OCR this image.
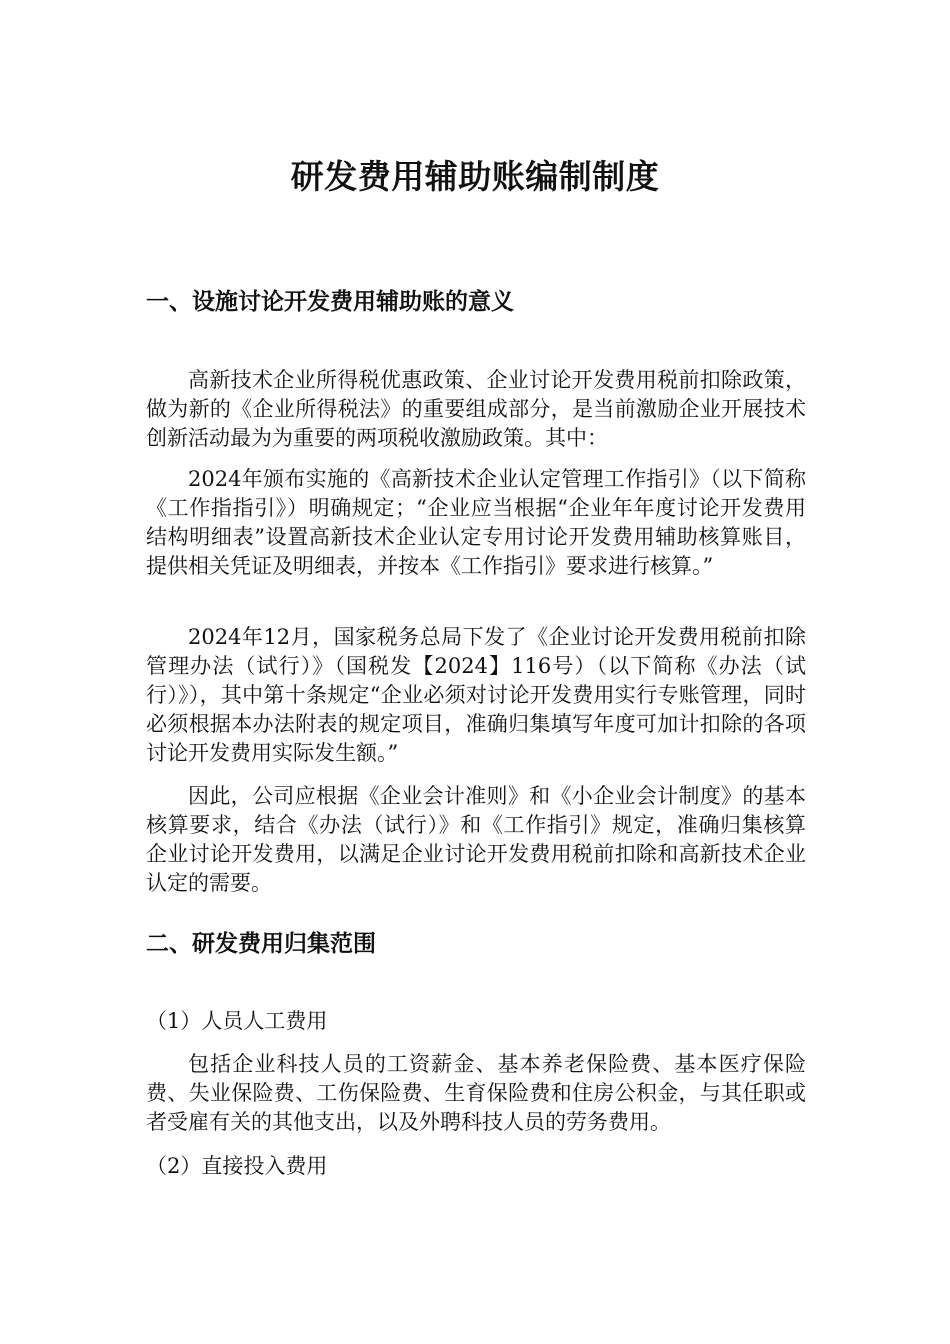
研发费用辅助账编制制度
一、设施讨论开发费用辅助账的意义

高新技术企业所得税优惠政策、企业讨论开发费用税前扣除政策，做为新的《企业所得税法》的重要组成部分，是当前激励企业开展技术创新活动最为为重要的两项税收激励政策。其中：

2024年颁布实施的《高新技术企业认定管理工作指引》（以下简称《工作指指引》）明确规定；“企业应当根据“企业年年度讨论开发费用结构明细表”设置高新技术企业认定专用讨论开发费用辅助核算账目，提供相关凭证及明细表，并按本《工作指引》要求进行核算。”

2024年12月，国家税务总局下发了《企业讨论开发费用税前扣除管理办法（试行）》（国税发【2024】116号）（以下简称《办法（试行）》），其中第十条规定“企业必须对讨论开发费用实行专账管理，同时必须根据本办法附表的规定项目，准确归集填写年度可加计扣除的各项讨论开发费用实际发生额。”

因此，公司应根据《企业会计准则》和《小企业会计制度》的基本核算要求，结合《办法（试行）》和《工作指引》规定，准确归集核算企业讨论开发费用，以满足企业讨论开发费用税前扣除和高新技术企业认定的需要。

二、研发费用归集范围
（1）人员人工费用

包括企业科技人员的工资薪金、基本养老保险费、基本医疗保险费、失业保险费、工伤保险费、生育保险费和住房公积金，与其任职或者受雇有关的其他支出，以及外聘科技人员的劳务费用。

（2）直接投入费用
